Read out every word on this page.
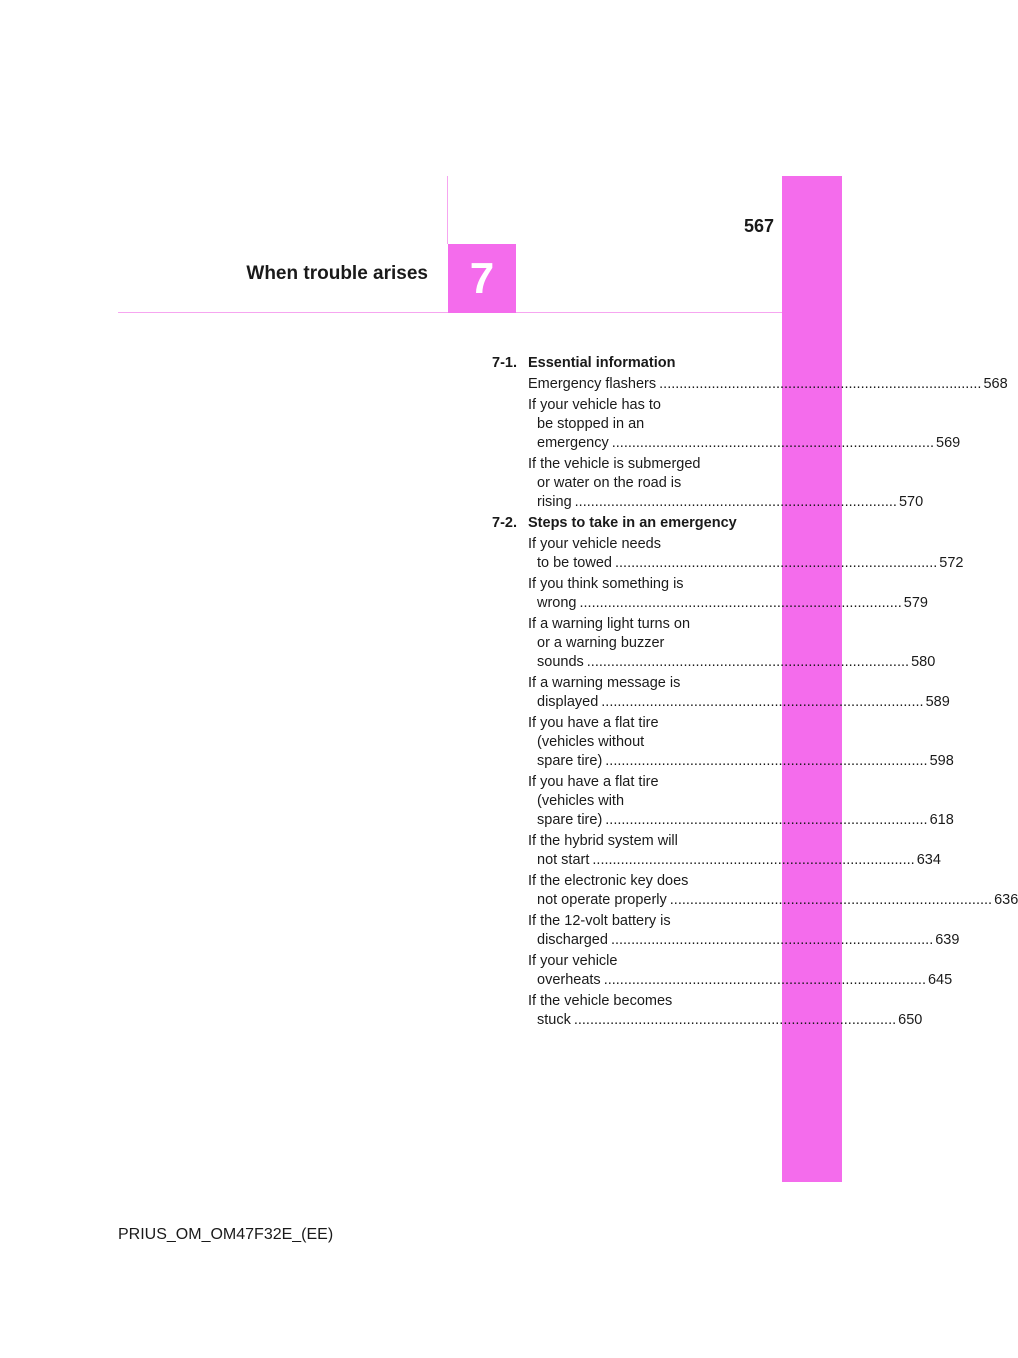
7
567
When trouble arises
7-1. Essential information
Emergency flashers ................................................................................ 568
If your vehicle has to
be stopped in an
emergency ................................................................................ 569
If the vehicle is submerged
or water on the road is
rising ................................................................................ 570
7-2. Steps to take in an emergency
If your vehicle needs
to be towed ................................................................................ 572
If you think something is
wrong ................................................................................ 579
If a warning light turns on
or a warning buzzer
sounds ................................................................................ 580
If a warning message is
displayed ................................................................................ 589
If you have a flat tire
(vehicles without
spare tire) ................................................................................ 598
If you have a flat tire
(vehicles with
spare tire) ................................................................................ 618
If the hybrid system will
not start ................................................................................ 634
If the electronic key does
not operate properly ................................................................................ 636
If the 12-volt battery is
discharged ................................................................................ 639
If your vehicle
overheats ................................................................................ 645
If the vehicle becomes
stuck ................................................................................ 650
PRIUS_OM_OM47F32E_(EE)
